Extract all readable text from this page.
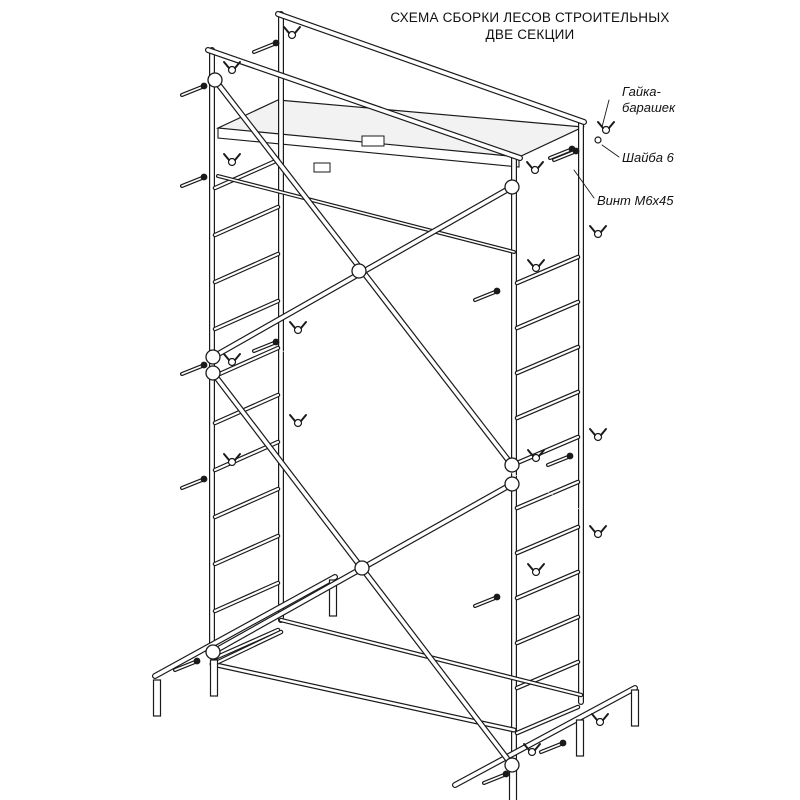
СХЕМА СБОРКИ ЛЕСОВ СТРОИТЕЛЬНЫХ
ДВЕ СЕКЦИИ
Гайка-
барашек
Шайба 6
Винт М6х45
